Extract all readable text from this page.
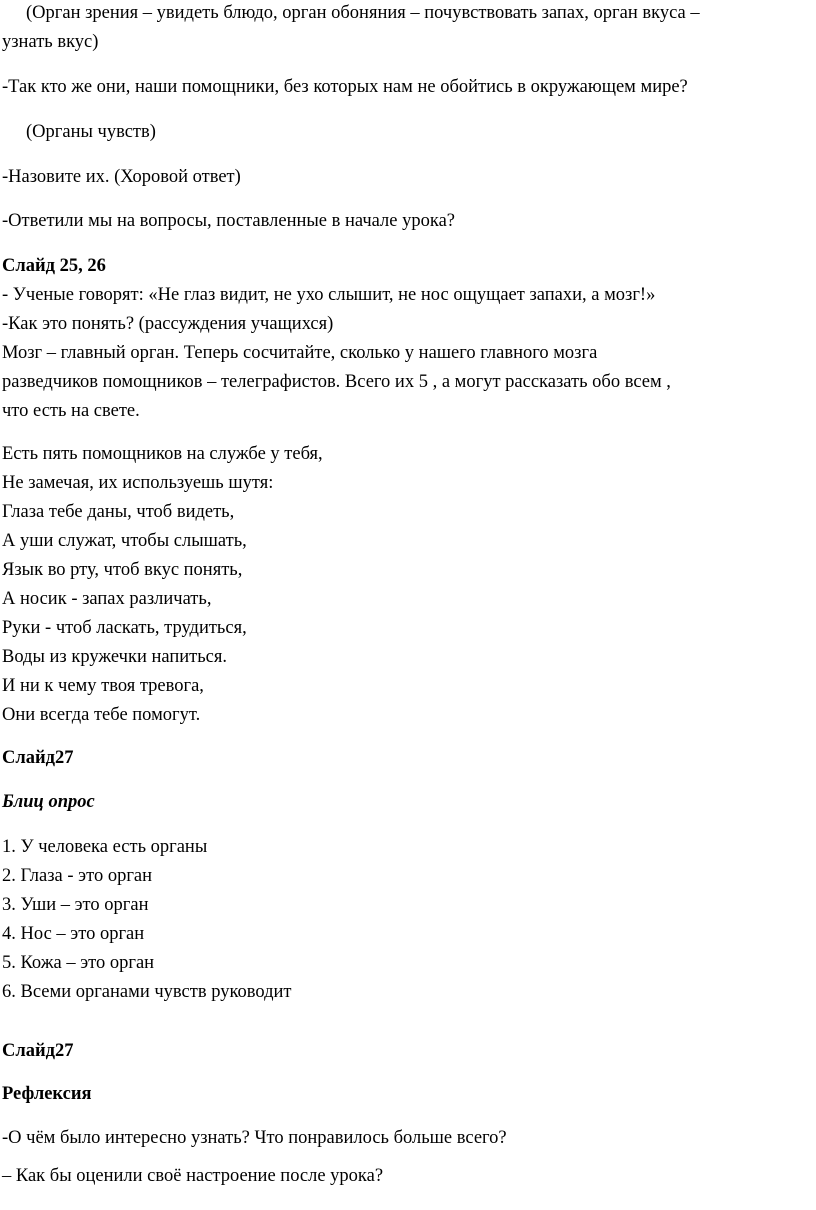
(Орган зрения – увидеть блюдо, орган обоняния – почувствовать запах, орган вкуса –
узнать вкус)
-Так кто же они, наши помощники, без которых нам не обойтись в окружающем мире?
(Органы чувств)
-Назовите их. (Хоровой ответ)
-Ответили мы на вопросы, поставленные в начале урока?
Слайд 25, 26
- Ученые говорят: «Не глаз видит, не ухо слышит, не нос ощущает запахи, а мозг!»
-Как это понять? (рассуждения учащихся)
Мозг – главный орган. Теперь сосчитайте, сколько у нашего главного мозга
разведчиков помощников – телеграфистов. Всего их 5 , а могут рассказать обо всем ,
что есть на свете.
Есть пять помощников на службе у тебя,
Не замечая, их используешь шутя:
Глаза тебе даны, чтоб видеть,
А уши служат, чтобы слышать,
Язык во рту, чтоб вкус понять,
А носик - запах различать,
Руки - чтоб ласкать, трудиться,
Воды из кружечки напиться.
И ни к чему твоя тревога,
Они всегда тебе помогут.
Слайд27
Блиц опрос
1. У человека есть органы
2. Глаза - это орган
3. Уши – это орган
4. Нос – это орган
5. Кожа – это орган
6. Всеми органами чувств руководит
Слайд27
Рефлексия
-О чём было интересно узнать? Что понравилось больше всего?
– Как бы оценили своё настроение после урока?
